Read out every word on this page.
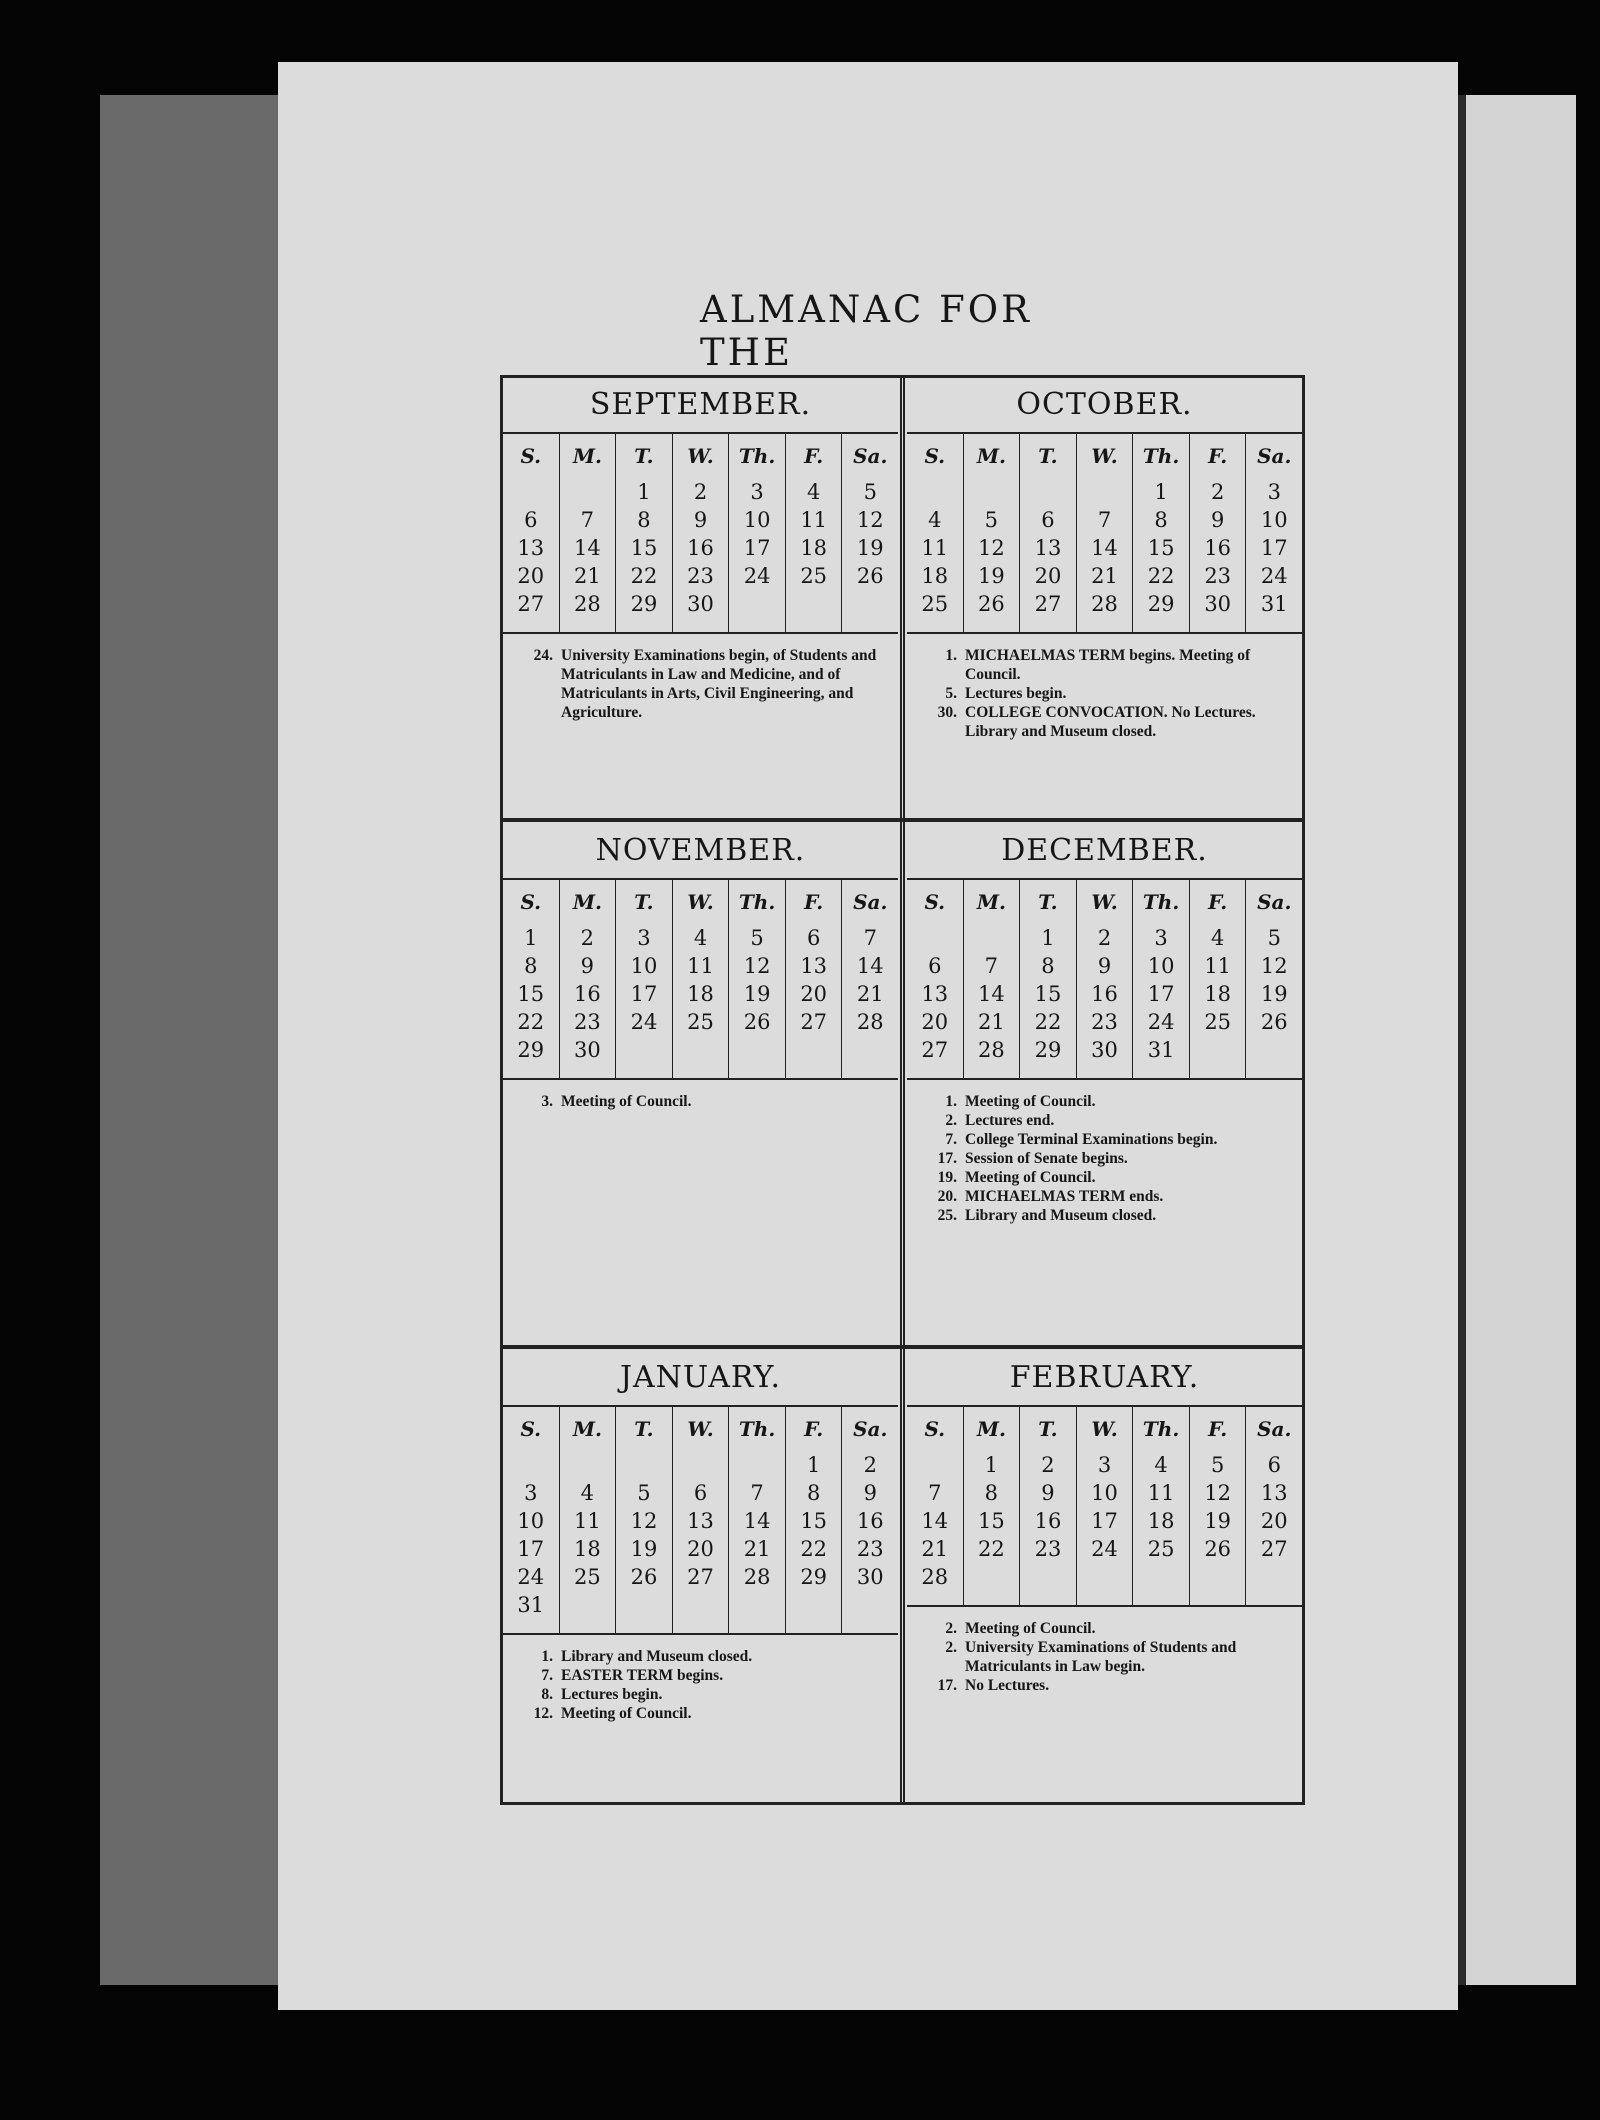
ALMANAC FOR THE
SEPTEMBER.
S.
6
13
20
27
M.
7
14
21
28
T.
1
8
15
22
29
W.
2
9
16
23
30
Th.
3
10
17
24
F.
4
11
18
25
Sa.
5
12
19
26
24. University Examinations begin, of Students and Matriculants in Law and Medicine, and of Matriculants in Arts, Civil Engineering, and Agriculture.
OCTOBER.
S.
4
11
18
25
M.
5
12
19
26
T.
6
13
20
27
W.
7
14
21
28
Th.
1
8
15
22
29
F.
2
9
16
23
30
Sa.
3
10
17
24
31
1. MICHAELMAS TERM begins. Meeting of Council.
5. Lectures begin.
30. COLLEGE CONVOCATION. No Lectures. Library and Museum closed.
NOVEMBER.
S.
1
8
15
22
29
M.
2
9
16
23
30
T.
3
10
17
24
W.
4
11
18
25
Th.
5
12
19
26
F.
6
13
20
27
Sa.
7
14
21
28
3. Meeting of Council.
DECEMBER.
S.
6
13
20
27
M.
7
14
21
28
T.
1
8
15
22
29
W.
2
9
16
23
30
Th.
3
10
17
24
31
F.
4
11
18
25
Sa.
5
12
19
26
1. Meeting of Council.
2. Lectures end.
7. College Terminal Examinations begin.
17. Session of Senate begins.
19. Meeting of Council.
20. MICHAELMAS TERM ends.
25. Library and Museum closed.
JANUARY.
S.
3
10
17
24
31
M.
4
11
18
25
T.
5
12
19
26
W.
6
13
20
27
Th.
7
14
21
28
F.
1
8
15
22
29
Sa.
2
9
16
23
30
1. Library and Museum closed.
7. EASTER TERM begins.
8. Lectures begin.
12. Meeting of Council.
FEBRUARY.
S.
7
14
21
28
M.
1
8
15
22
T.
2
9
16
23
W.
3
10
17
24
Th.
4
11
18
25
F.
5
12
19
26
Sa.
6
13
20
27
2. Meeting of Council.
2. University Examinations of Students and Matriculants in Law begin.
17. No Lectures.
